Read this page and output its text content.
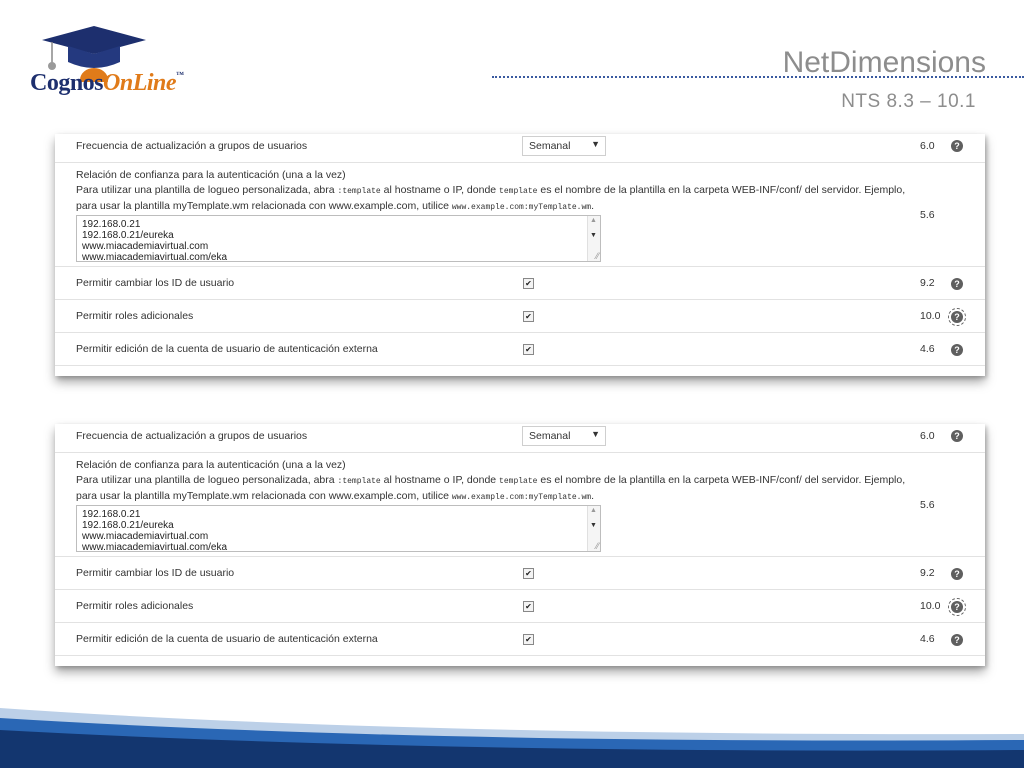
CognosOnLine™	NetDimensions
NTS 8.3 – 10.1
Frecuencia de actualización a grupos de usuarios	Semanal ▼	6.0	?
Relación de confianza para la autenticación (una a la vez)
Para utilizar una plantilla de logueo personalizada, abra :template al hostname o IP, donde template es el nombre de la plantilla en la carpeta WEB-INF/conf/ del servidor. Ejemplo,
para usar la plantilla myTemplate.wm relacionada con www.example.com, utilice www.example.com:myTemplate.wm.
192.168.0.21
192.168.0.21/eureka
www.miacademiavirtual.com
www.miacademiavirtual.com/eka
▲
▼
⁄⁄
5.6
Permitir cambiar los ID de usuario	✔	9.2	?
Permitir roles adicionales	✔	10.0	?
Permitir edición de la cuenta de usuario de autenticación externa	✔	4.6	?
Frecuencia de actualización a grupos de usuarios	Semanal ▼	6.0	?
Relación de confianza para la autenticación (una a la vez)
Para utilizar una plantilla de logueo personalizada, abra :template al hostname o IP, donde template es el nombre de la plantilla en la carpeta WEB-INF/conf/ del servidor. Ejemplo,
para usar la plantilla myTemplate.wm relacionada con www.example.com, utilice www.example.com:myTemplate.wm.
192.168.0.21
192.168.0.21/eureka
www.miacademiavirtual.com
www.miacademiavirtual.com/eka
▲
▼
⁄⁄
5.6
Permitir cambiar los ID de usuario	✔	9.2	?
Permitir roles adicionales	✔	10.0	?
Permitir edición de la cuenta de usuario de autenticación externa	✔	4.6	?
